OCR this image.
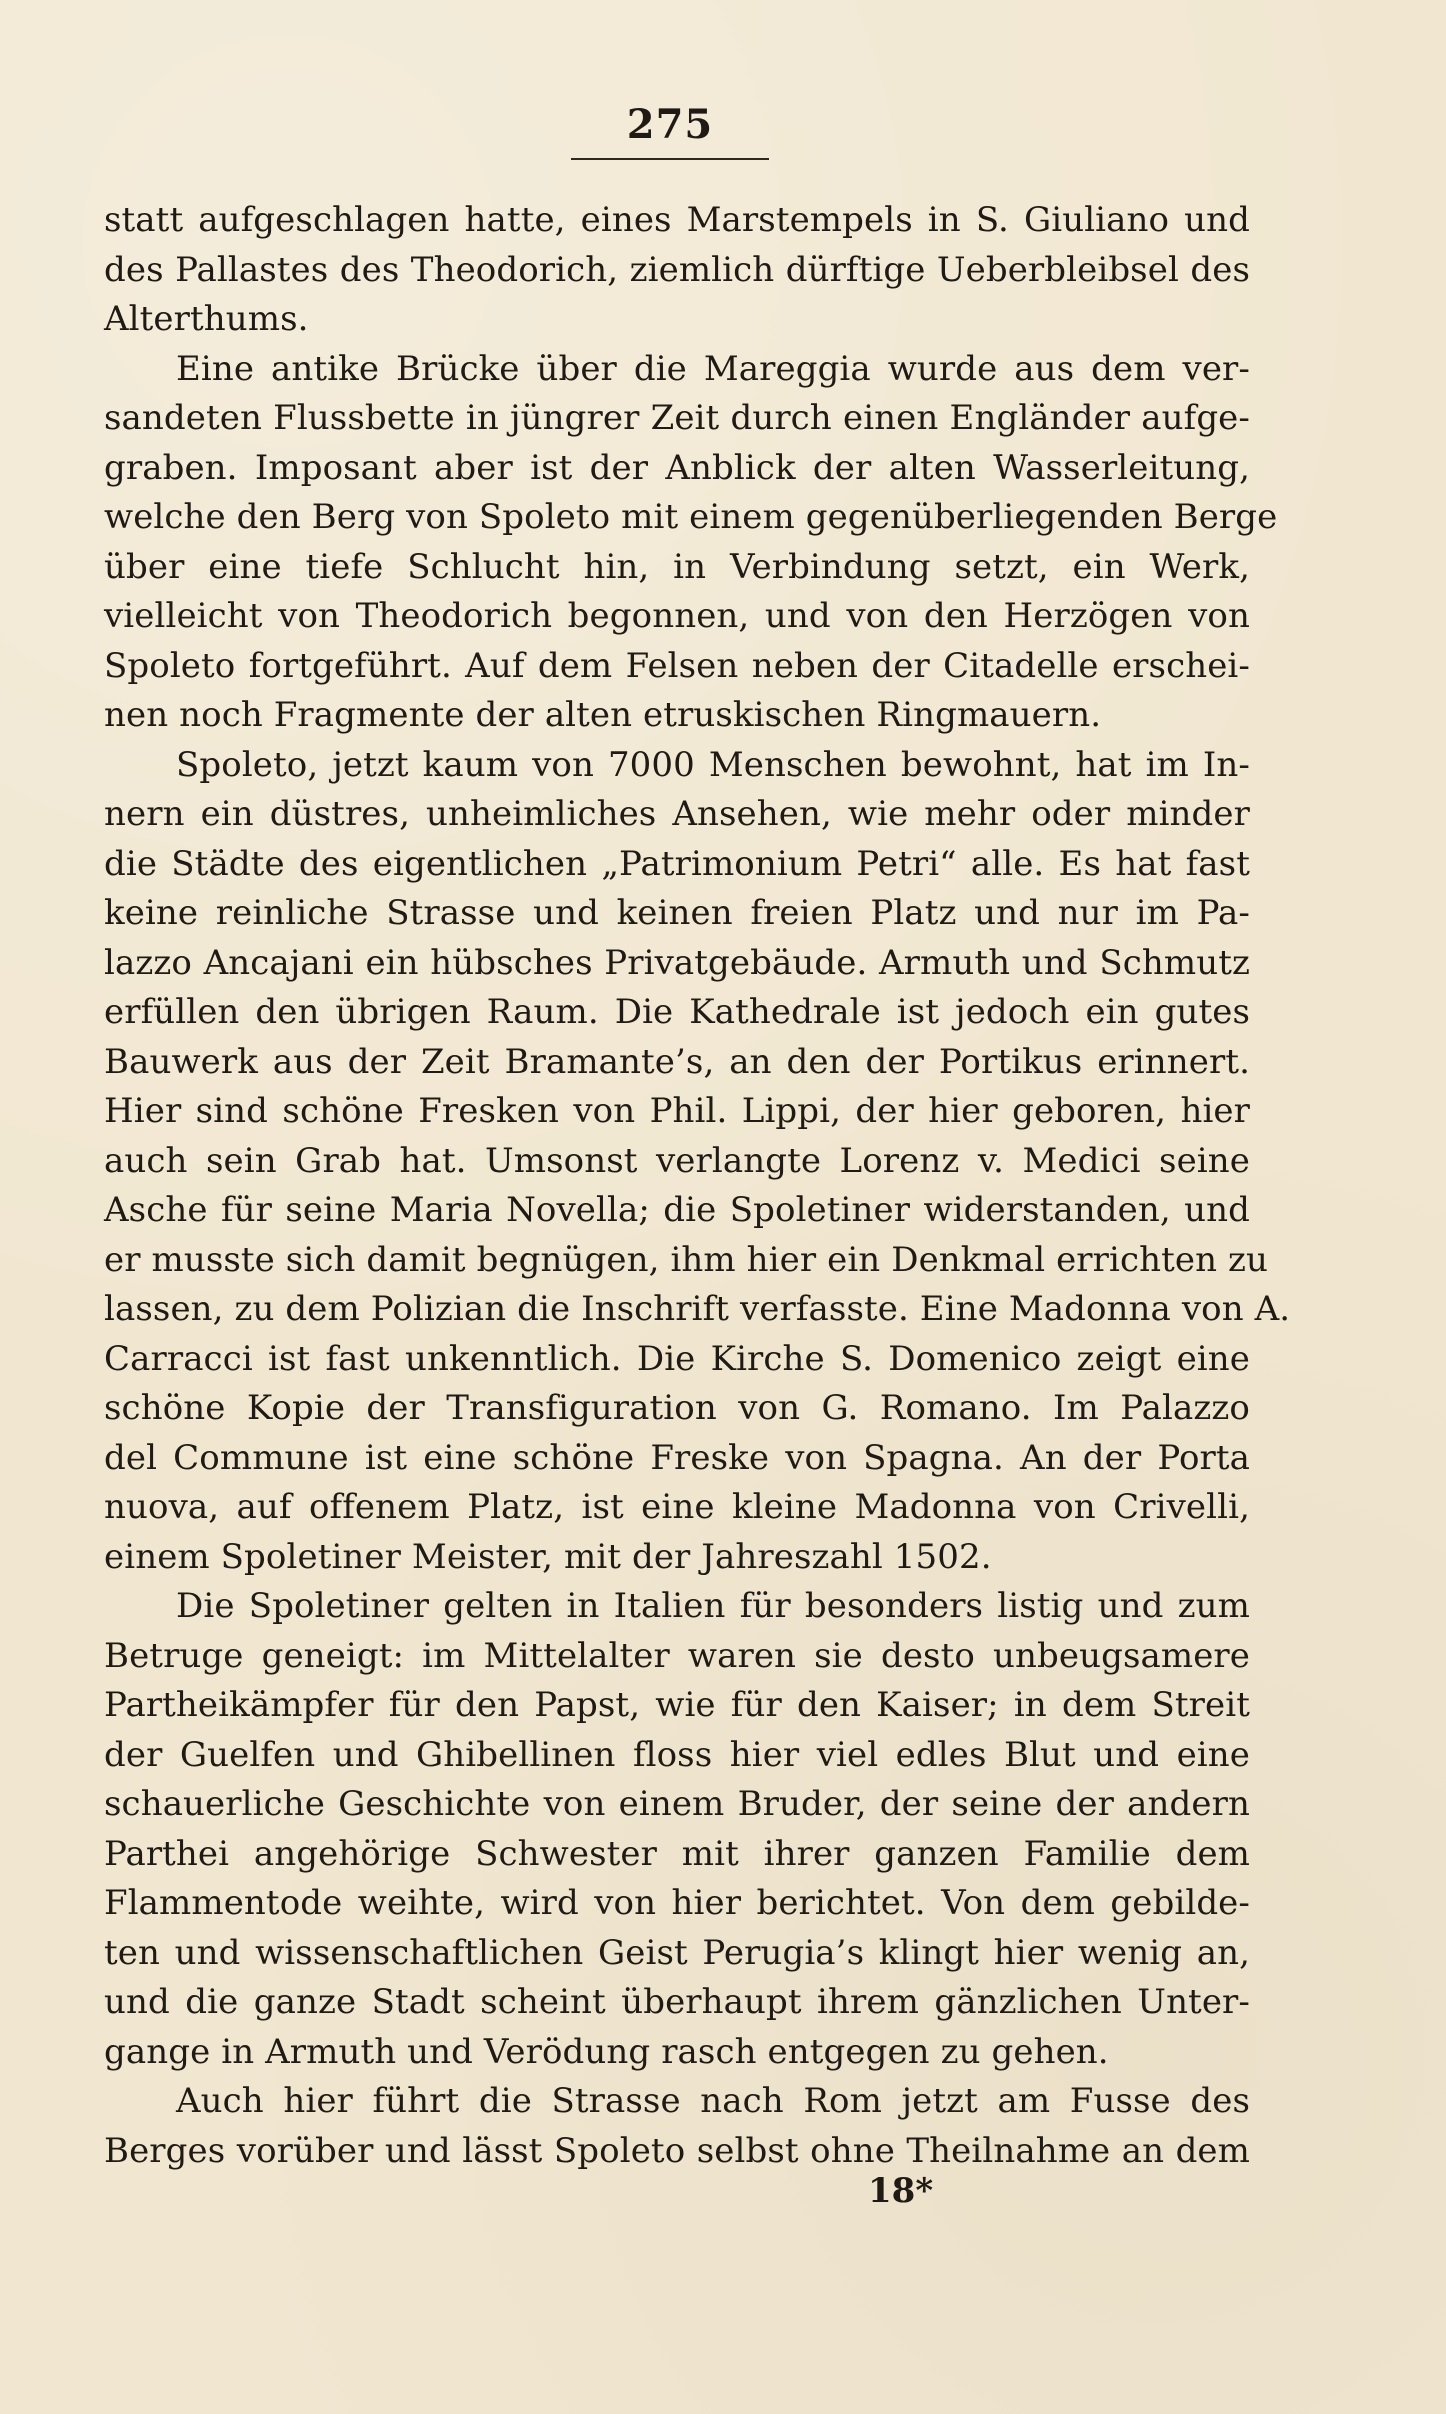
275
statt aufgeschlagen hatte, eines Marstempels in S. Giuliano und
des Pallastes des Theodorich, ziemlich dürftige Ueberbleibsel des
Alterthums.
Eine antike Brücke über die Mareggia wurde aus dem ver-
sandeten Flussbette in jüngrer Zeit durch einen Engländer aufge-
graben. Imposant aber ist der Anblick der alten Wasserleitung,
welche den Berg von Spoleto mit einem gegenüberliegenden Berge
über eine tiefe Schlucht hin, in Verbindung setzt, ein Werk,
vielleicht von Theodorich begonnen, und von den Herzögen von
Spoleto fortgeführt. Auf dem Felsen neben der Citadelle erschei-
nen noch Fragmente der alten etruskischen Ringmauern.
Spoleto, jetzt kaum von 7000 Menschen bewohnt, hat im In-
nern ein düstres, unheimliches Ansehen, wie mehr oder minder
die Städte des eigentlichen „Patrimonium Petri“ alle. Es hat fast
keine reinliche Strasse und keinen freien Platz und nur im Pa-
lazzo Ancajani ein hübsches Privatgebäude. Armuth und Schmutz
erfüllen den übrigen Raum. Die Kathedrale ist jedoch ein gutes
Bauwerk aus der Zeit Bramante’s, an den der Portikus erinnert.
Hier sind schöne Fresken von Phil. Lippi, der hier geboren, hier
auch sein Grab hat. Umsonst verlangte Lorenz v. Medici seine
Asche für seine Maria Novella; die Spoletiner widerstanden, und
er musste sich damit begnügen, ihm hier ein Denkmal errichten zu
lassen, zu dem Polizian die Inschrift verfasste. Eine Madonna von A.
Carracci ist fast unkenntlich. Die Kirche S. Domenico zeigt eine
schöne Kopie der Transfiguration von G. Romano. Im Palazzo
del Commune ist eine schöne Freske von Spagna. An der Porta
nuova, auf offenem Platz, ist eine kleine Madonna von Crivelli,
einem Spoletiner Meister, mit der Jahreszahl 1502.
Die Spoletiner gelten in Italien für besonders listig und zum
Betruge geneigt: im Mittelalter waren sie desto unbeugsamere
Partheikämpfer für den Papst, wie für den Kaiser; in dem Streit
der Guelfen und Ghibellinen floss hier viel edles Blut und eine
schauerliche Geschichte von einem Bruder, der seine der andern
Parthei angehörige Schwester mit ihrer ganzen Familie dem
Flammentode weihte, wird von hier berichtet. Von dem gebilde-
ten und wissenschaftlichen Geist Perugia’s klingt hier wenig an,
und die ganze Stadt scheint überhaupt ihrem gänzlichen Unter-
gange in Armuth und Verödung rasch entgegen zu gehen.
Auch hier führt die Strasse nach Rom jetzt am Fusse des
Berges vorüber und lässt Spoleto selbst ohne Theilnahme an dem
18*
